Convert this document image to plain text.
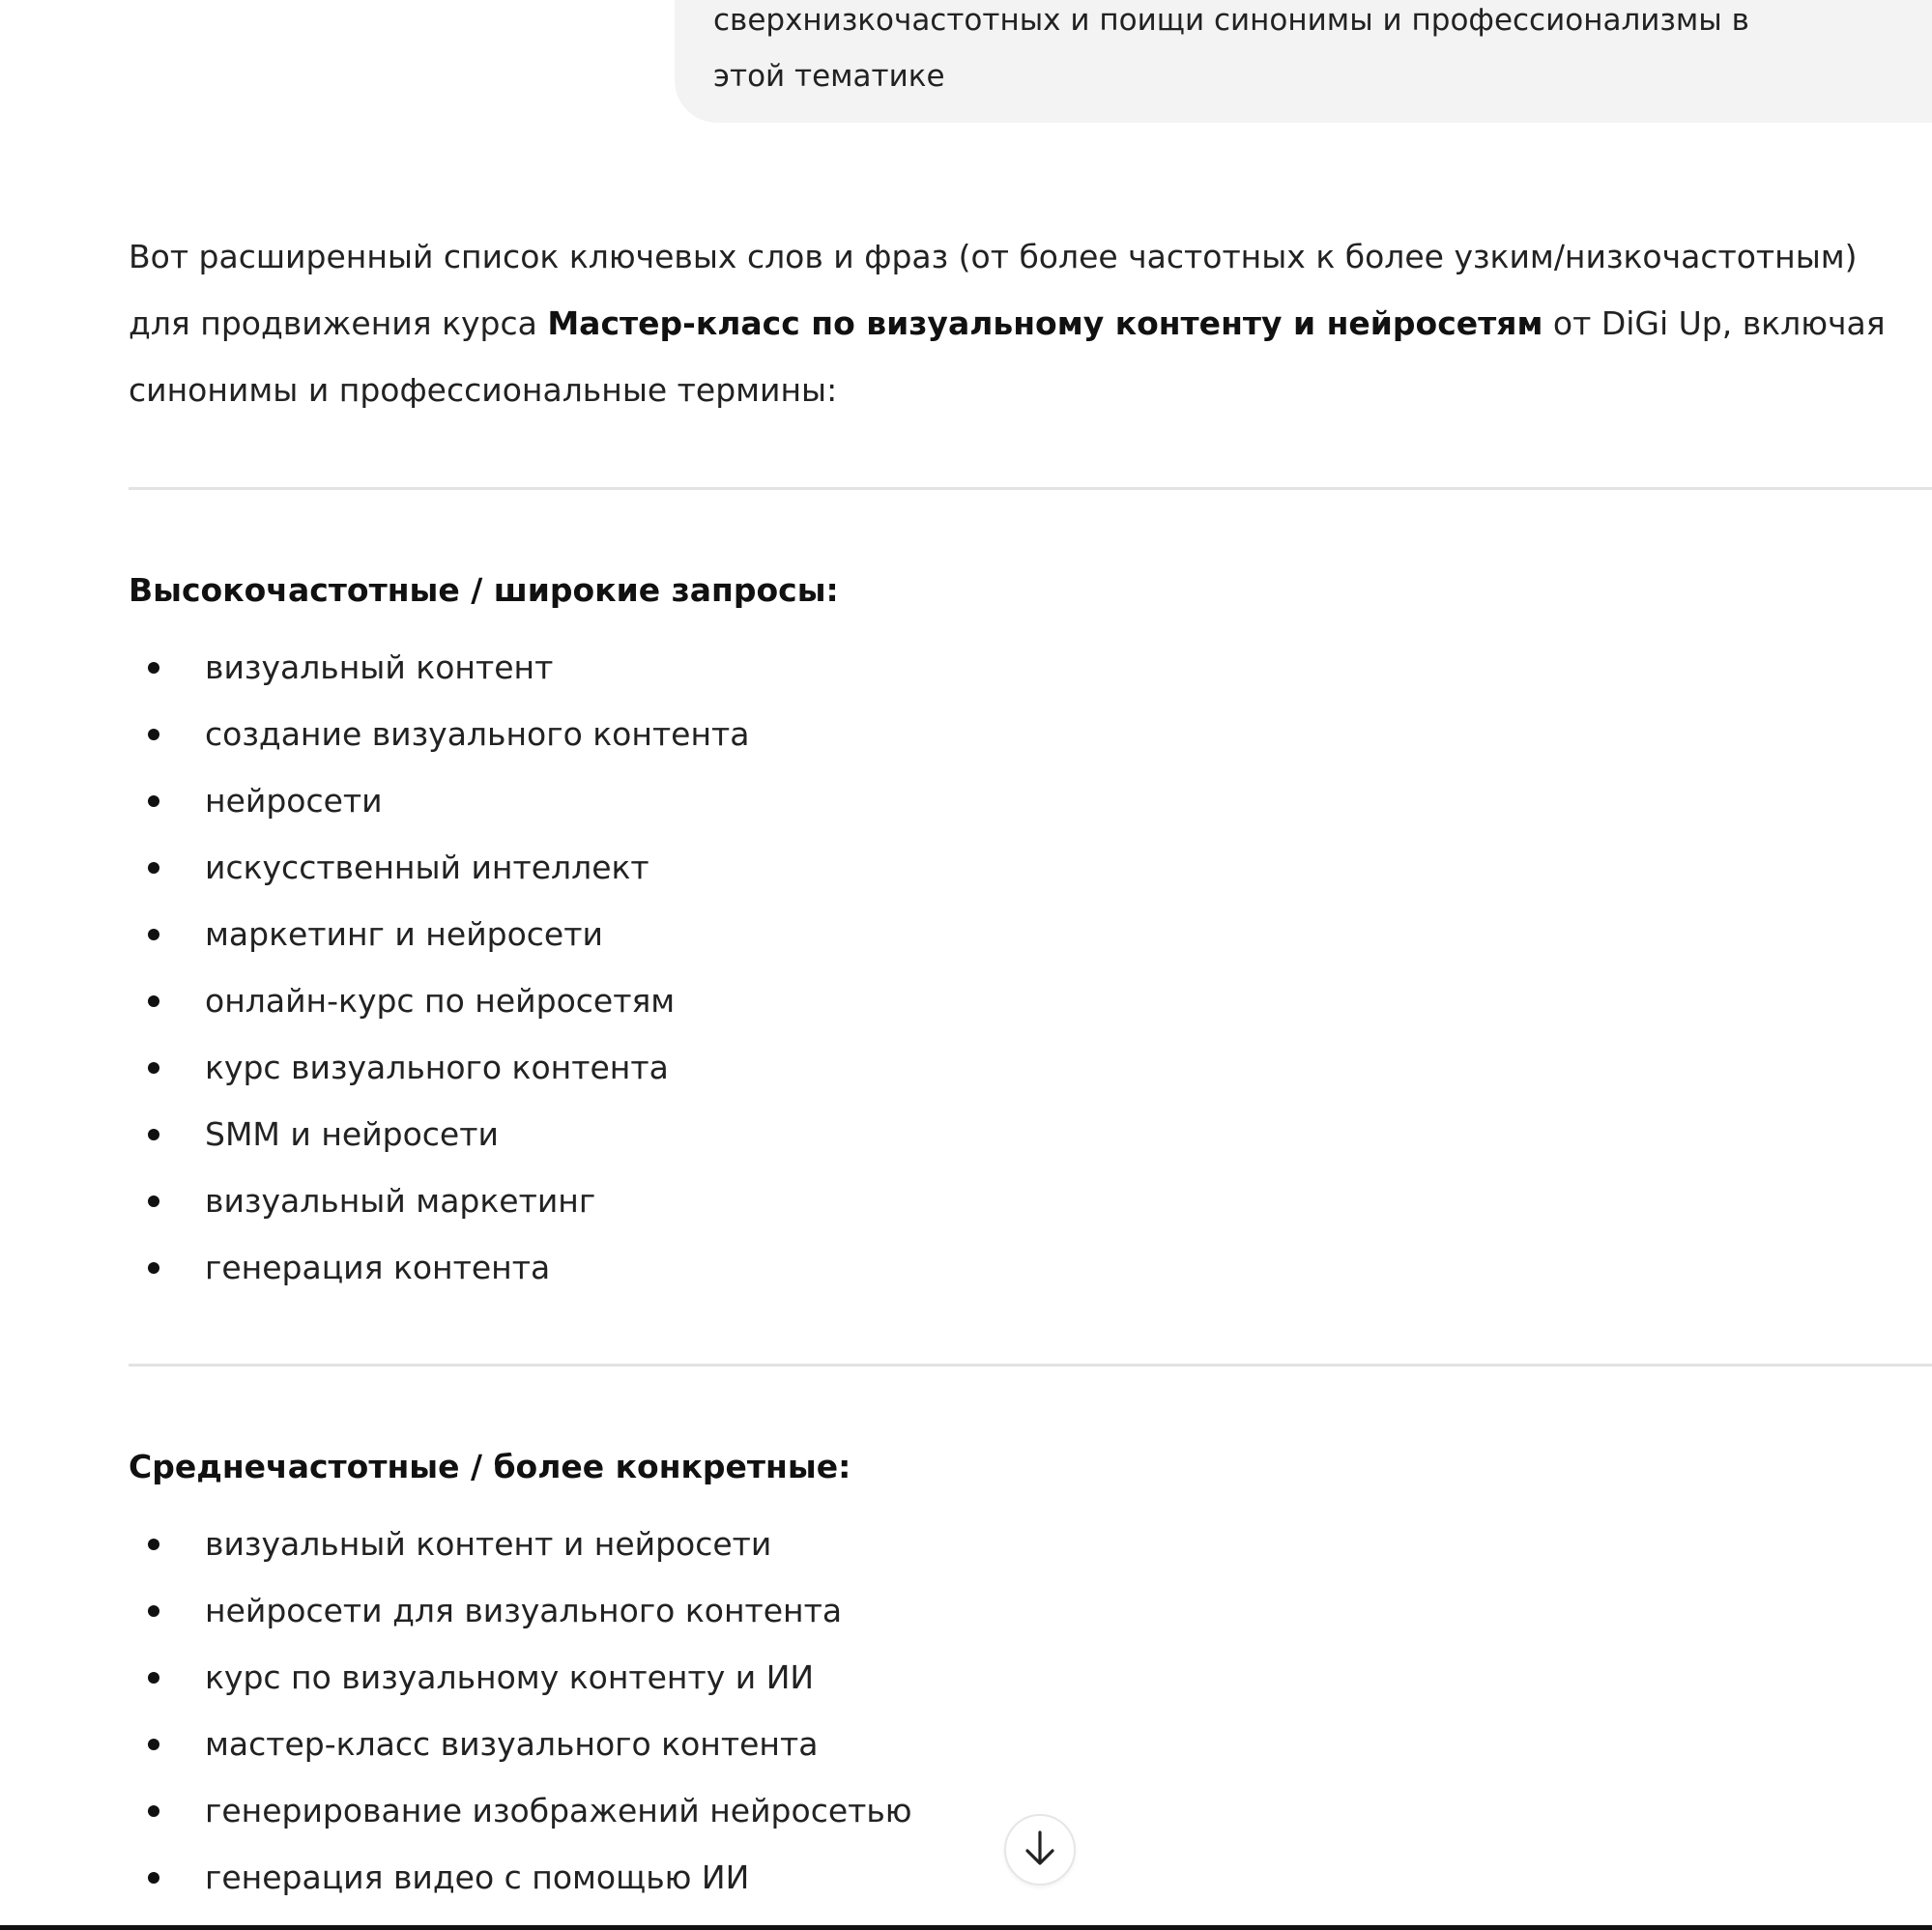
сверхнизкочастотных и поищи синонимы и профессионализмы в
этой тематике
Вот расширенный список ключевых слов и фраз (от более частотных к более узким/низкочастотным) для продвижения курса Мастер-класс по визуальному контенту и нейросетям от DiGi Up, включая синонимы и профессиональные термины:
Высокочастотные / широкие запросы:
визуальный контент
создание визуального контента
нейросети
искусственный интеллект
маркетинг и нейросети
онлайн-курс по нейросетям
курс визуального контента
SMM и нейросети
визуальный маркетинг
генерация контента
Среднечастотные / более конкретные:
визуальный контент и нейросети
нейросети для визуального контента
курс по визуальному контенту и ИИ
мастер-класс визуального контента
генерирование изображений нейросетью
генерация видео с помощью ИИ
